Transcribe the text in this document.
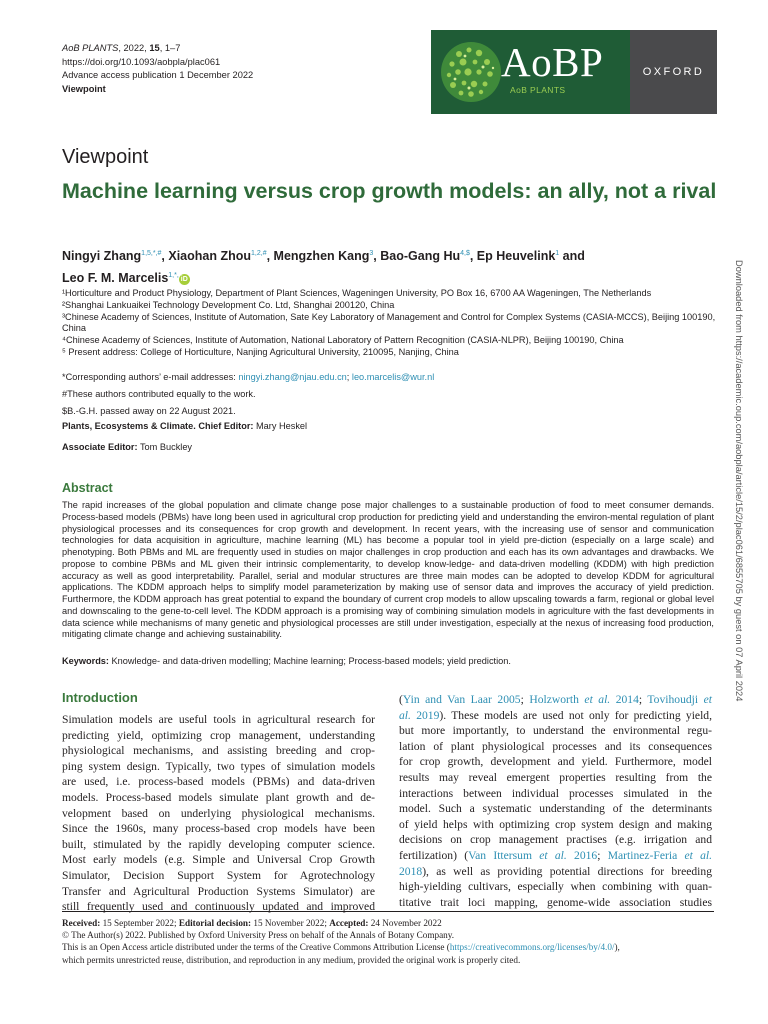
AoB PLANTS, 2022, 15, 1–7
https://doi.org/10.1093/aobpla/plac061
Advance access publication 1 December 2022
Viewpoint
AoBP
AoB PLANTS
OXFORD
Viewpoint
Machine learning versus crop growth models: an ally, not a rival
Ningyi Zhang$^{1,5,*,\#}$, Xiaohan Zhou$^{1,2,\#}$, Mengzhen Kang$^3$, Bao-Gang $Hu^{4,\$}$, Ep Heuvelink$^1$ and
Leo F. M. Marcelis$^{1,*,}$iD
¹Horticulture and Product Physiology, Department of Plant Sciences, Wageningen University, PO Box 16, 6700 AA Wageningen, The Netherlands
²Shanghai Lankuaikei Technology Development Co. Ltd, Shanghai 200120, China
³Chinese Academy of Sciences, Institute of Automation, Sate Key Laboratory of Management and Control for Complex Systems (CASIA-MCCS), Beijing 100190, China
⁴Chinese Academy of Sciences, Institute of Automation, National Laboratory of Pattern Recognition (CASIA-NLPR), Beijing 100190, China
⁵ Present address: College of Horticulture, Nanjing Agricultural University, 210095, Nanjing, China
*Corresponding authors’ e-mail addresses: ningyi.zhang@njau.edu.cn; leo.marcelis@wur.nl
#These authors contributed equally to the work.
$B.-G.H. passed away on 22 August 2021.
Plants, Ecosystems & Climate. Chief Editor: Mary Heskel
Associate Editor: Tom Buckley
Abstract
The rapid increases of the global population and climate change pose major challenges to a sustainable production of food to meet consumer demands. Process-based models (PBMs) have long been used in agricultural crop production for predicting yield and understanding the environ-mental regulation of plant physiological processes and its consequences for crop growth and development. In recent years, with the increasing use of sensor and communication technologies for data acquisition in agriculture, machine learning (ML) has become a popular tool in yield pre-diction (especially on a large scale) and phenotyping. Both PBMs and ML are frequently used in studies on major challenges in crop production and each has its own advantages and drawbacks. We propose to combine PBMs and ML given their intrinsic complementarity, to develop know-ledge- and data-driven modelling (KDDM) with high prediction accuracy as well as good interpretability. Parallel, serial and modular structures are three main modes can be adopted to develop KDDM for agricultural applications. The KDDM approach helps to simplify model parameterization by making use of sensor data and improves the accuracy of yield prediction. Furthermore, the KDDM approach has great potential to expand the boundary of current crop models to allow upscaling towards a farm, regional or global level and downscaling to the gene-to-cell level. The KDDM approach is a promising way of combining simulation models in agriculture with the fast developments in data science while mechanisms of many genetic and physiological processes are still under investigation, especially at the nexus of increasing food production, mitigating climate change and achieving sustainability.
Keywords: Knowledge- and data-driven modelling; Machine learning; Process-based models; yield prediction.
Introduction
Simulation models are useful tools in agricultural research for
predicting yield, optimizing crop management, understanding
physiological mechanisms, and assisting breeding and crop-
ping system design. Typically, two types of simulation models
are used, i.e. process-based models (PBMs) and data-driven
models. Process-based models simulate plant growth and de-
velopment based on underlying physiological mechanisms.
Since the 1960s, many process-based crop models have been
built, stimulated by the rapidly developing computer science.
Most early models (e.g. Simple and Universal Crop Growth
Simulator, Decision Support System for Agrotechnology
Transfer and Agricultural Production Systems Simulator) are
still frequently used and continuously updated and improved
(Yin and Van Laar 2005; Holzworth et al. 2014; Tovihoudji et
al. 2019). These models are used not only for predicting yield,
but more importantly, to understand the environmental regu-
lation of plant physiological processes and its consequences
for crop growth, development and yield. Furthermore, model
results may reveal emergent properties resulting from the
interactions between individual processes simulated in the
model. Such a systematic understanding of the determinants
of yield helps with optimizing crop system design and making
decisions on crop management practises (e.g. irrigation and
fertilization) (Van Ittersum et al. 2016; Martinez-Feria et al.
2018), as well as providing potential directions for breeding
high-yielding cultivars, especially when combining with quan-
titative trait loci mapping, genome-wide association studies
Downloaded from https://academic.oup.com/aobpla/article/15/2/plac061/6855705 by guest on 07 April 2024
Received: 15 September 2022; Editorial decision: 15 November 2022; Accepted: 24 November 2022
© The Author(s) 2022. Published by Oxford University Press on behalf of the Annals of Botany Company.
This is an Open Access article distributed under the terms of the Creative Commons Attribution License (https://creativecommons.org/licenses/by/4.0/),
which permits unrestricted reuse, distribution, and reproduction in any medium, provided the original work is properly cited.
